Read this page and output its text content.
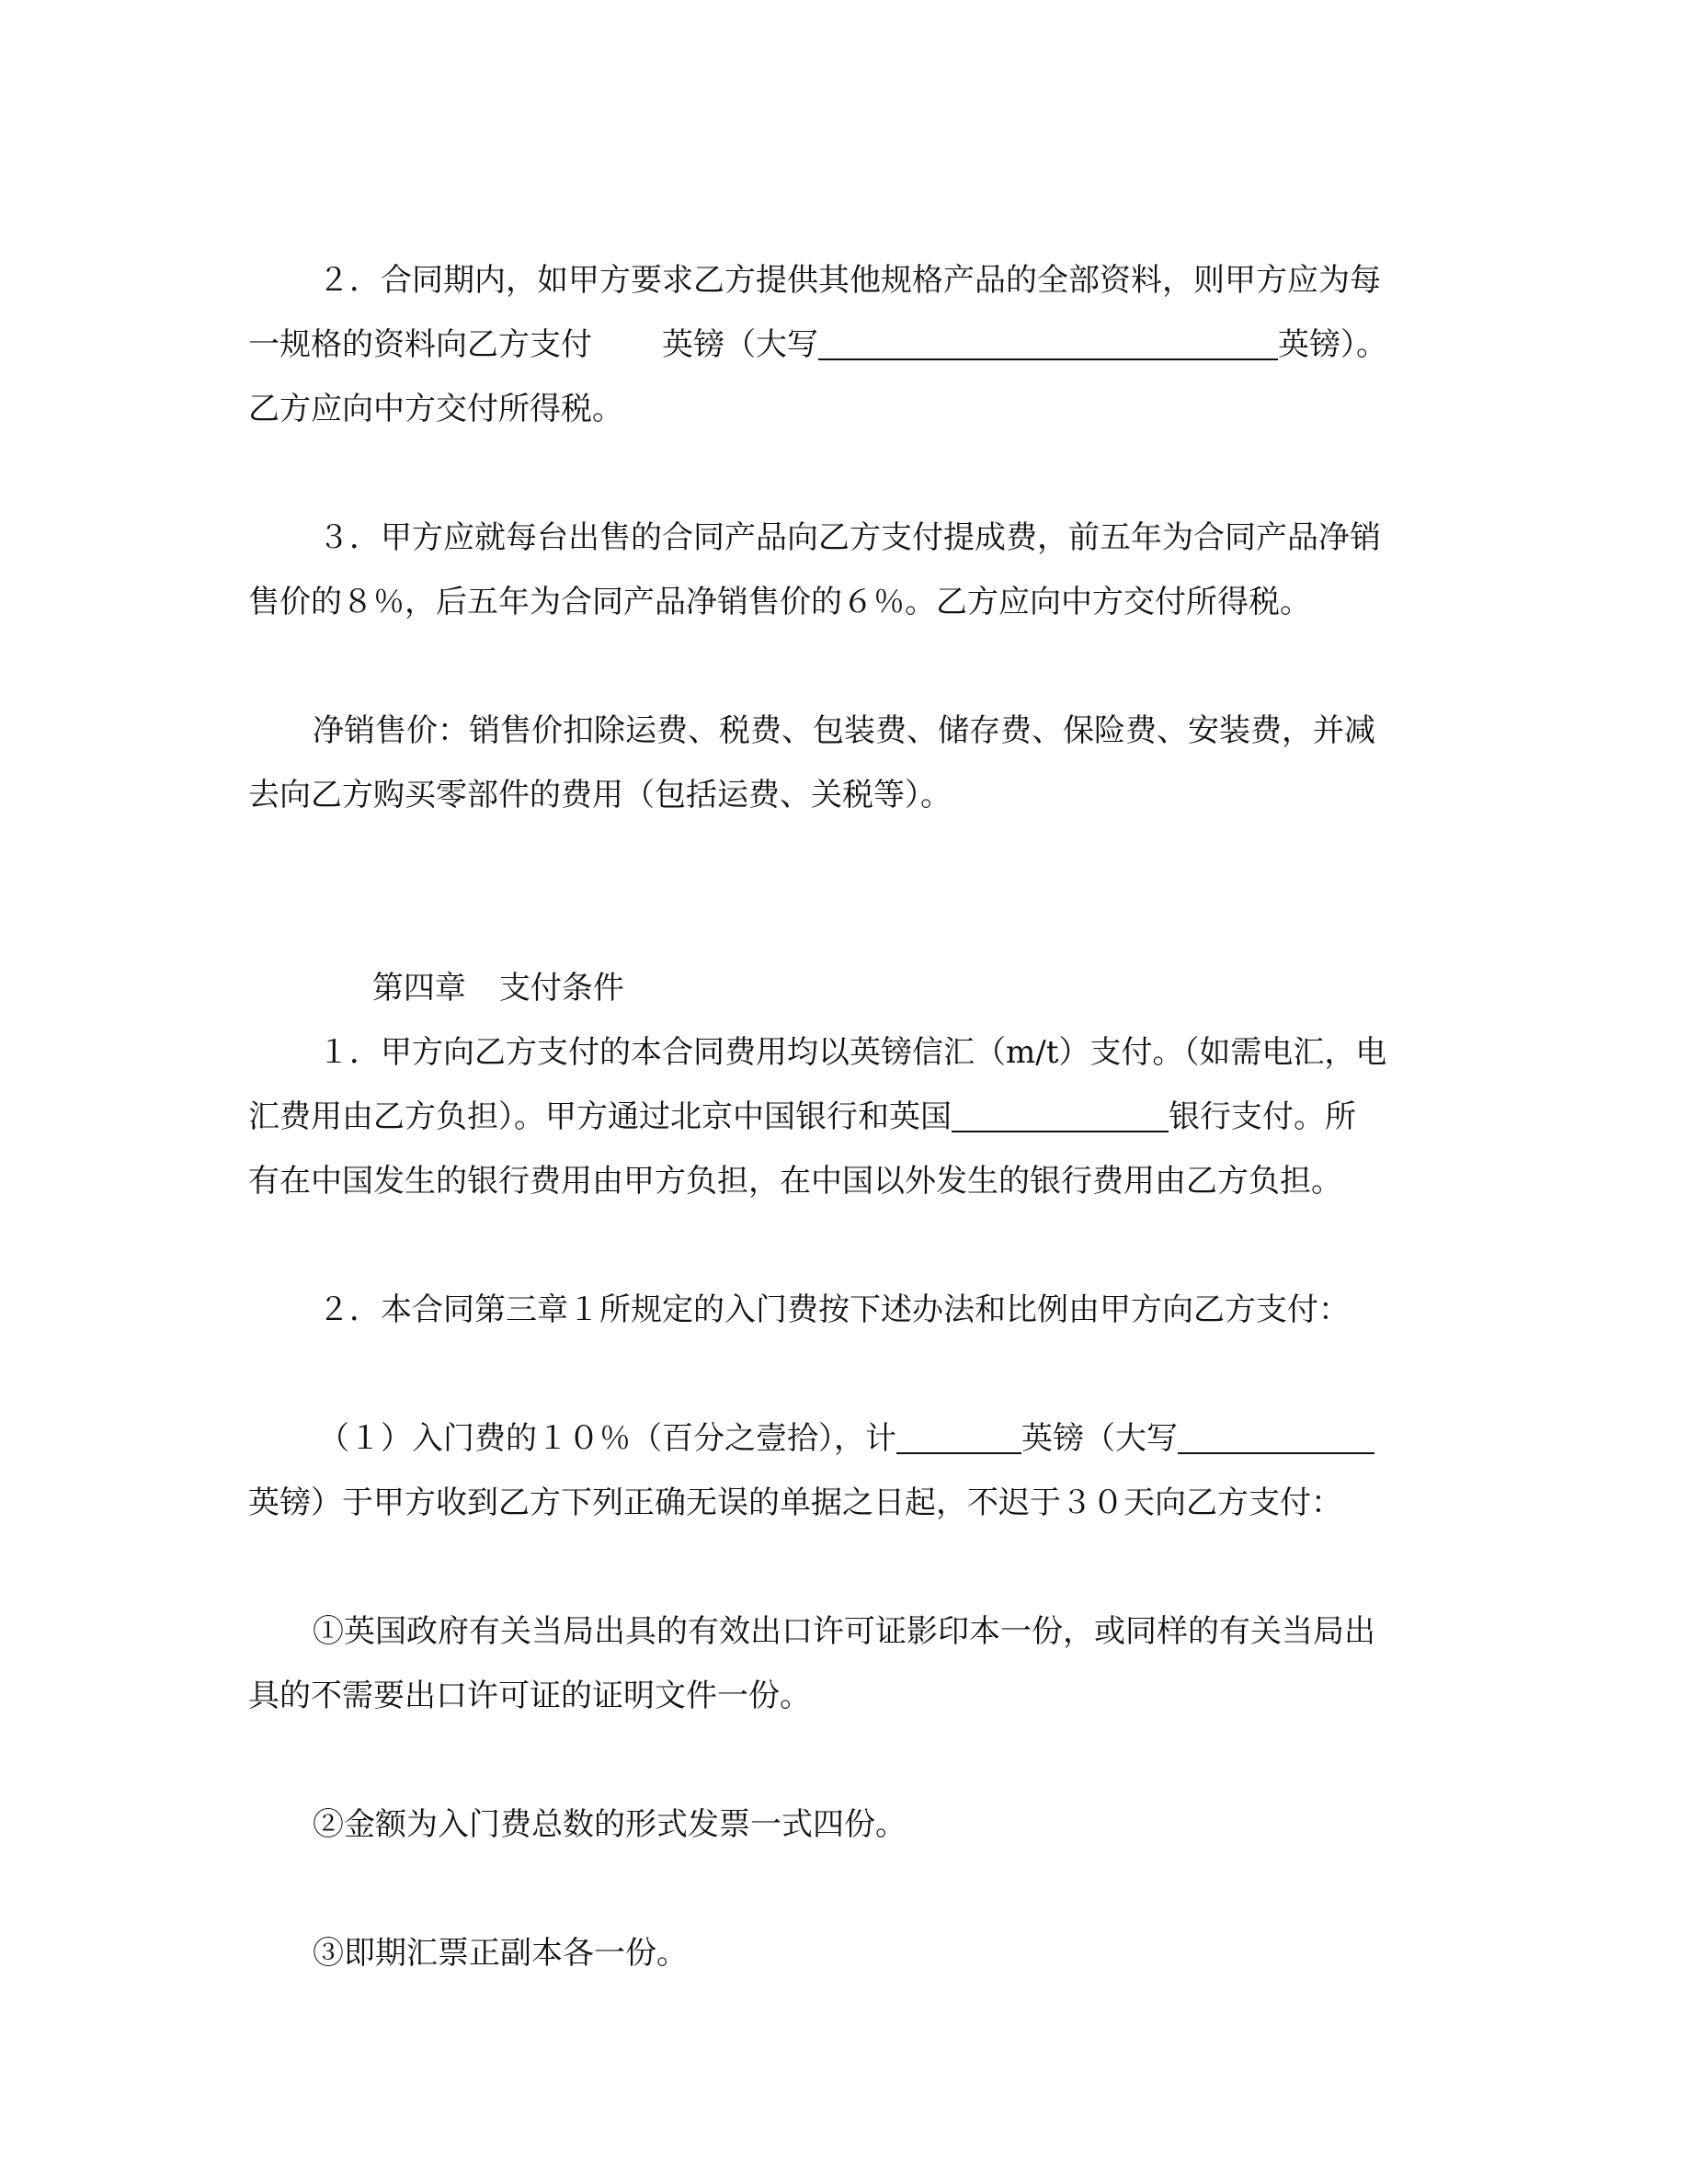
２．合同期内，如甲方要求乙方提供其他规格产品的全部资料，则甲方应为每

一规格的资料向乙方支付 英镑（大写	英镑）。

乙方应向中方交付所得税。

３．甲方应就每台出售的合同产品向乙方支付提成费，前五年为合同产品净销

售价的８％，后五年为合同产品净销售价的６％。乙方应向中方交付所得税。

净销售价：销售价扣除运费、税费、包装费、储存费、保险费、安装费，并减

去向乙方购买零部件的费用（包括运费、关税等）。

第四章 支付条件

１．甲方向乙方支付的本合同费用均以英镑信汇（m/t）支付。（如需电汇，电

汇费用由乙方负担）。甲方通过北京中国银行和英国	银行支付。所

有在中国发生的银行费用由甲方负担，在中国以外发生的银行费用由乙方负担。

２．本合同第三章１所规定的入门费按下述办法和比例由甲方向乙方支付：

（１）入门费的１０％（百分之壹拾），计	英镑（大写

英镑）于甲方收到乙方下列正确无误的单据之日起，不迟于３０天向乙方支付：

①英国政府有关当局出具的有效出口许可证影印本一份，或同样的有关当局出

具的不需要出口许可证的证明文件一份。

②金额为入门费总数的形式发票一式四份。

③即期汇票正副本各一份。
